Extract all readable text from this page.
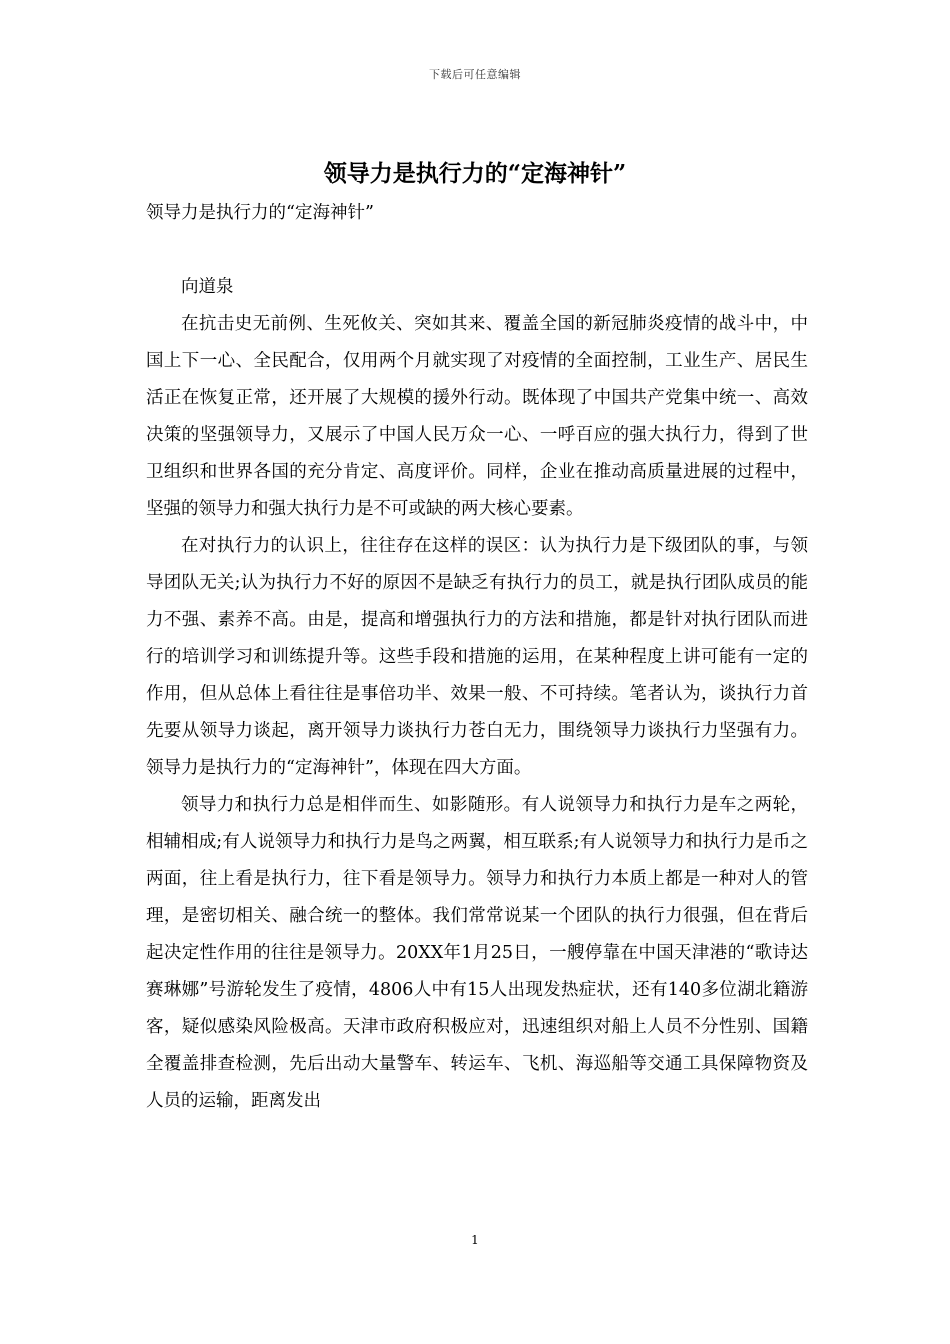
下载后可任意编辑
领导力是执行力的“定海神针”

领导力是执行力的“定海神针”

向道泉

在抗击史无前例、生死攸关、突如其来、覆盖全国的新冠肺炎疫情的战斗中，中国上下一心、全民配合，仅用两个月就实现了对疫情的全面控制，工业生产、居民生活正在恢复正常，还开展了大规模的援外行动。既体现了中国共产党集中统一、高效决策的坚强领导力，又展示了中国人民万众一心、一呼百应的强大执行力，得到了世卫组织和世界各国的充分肯定、高度评价。同样，企业在推动高质量进展的过程中，坚强的领导力和强大执行力是不可或缺的两大核心要素。

在对执行力的认识上，往往存在这样的误区：认为执行力是下级团队的事，与领导团队无关;认为执行力不好的原因不是缺乏有执行力的员工，就是执行团队成员的能力不强、素养不高。由是，提高和增强执行力的方法和措施，都是针对执行团队而进行的培训学习和训练提升等。这些手段和措施的运用，在某种程度上讲可能有一定的作用，但从总体上看往往是事倍功半、效果一般、不可持续。笔者认为，谈执行力首先要从领导力谈起，离开领导力谈执行力苍白无力，围绕领导力谈执行力坚强有力。领导力是执行力的“定海神针”，体现在四大方面。

领导力和执行力总是相伴而生、如影随形。有人说领导力和执行力是车之两轮，相辅相成;有人说领导力和执行力是鸟之两翼，相互联系;有人说领导力和执行力是币之两面，往上看是执行力，往下看是领导力。领导力和执行力本质上都是一种对人的管理，是密切相关、融合统一的整体。我们常常说某一个团队的执行力很强，但在背后起决定性作用的往往是领导力。20XX年1月25日，一艘停靠在中国天津港的“歌诗达赛琳娜”号游轮发生了疫情，4806人中有15人出现发热症状，还有140多位湖北籍游客，疑似感染风险极高。天津市政府积极应对，迅速组织对船上人员不分性别、国籍全覆盖排查检测，先后出动大量警车、转运车、飞机、海巡船等交通工具保障物资及人员的运输，距离发出

1
